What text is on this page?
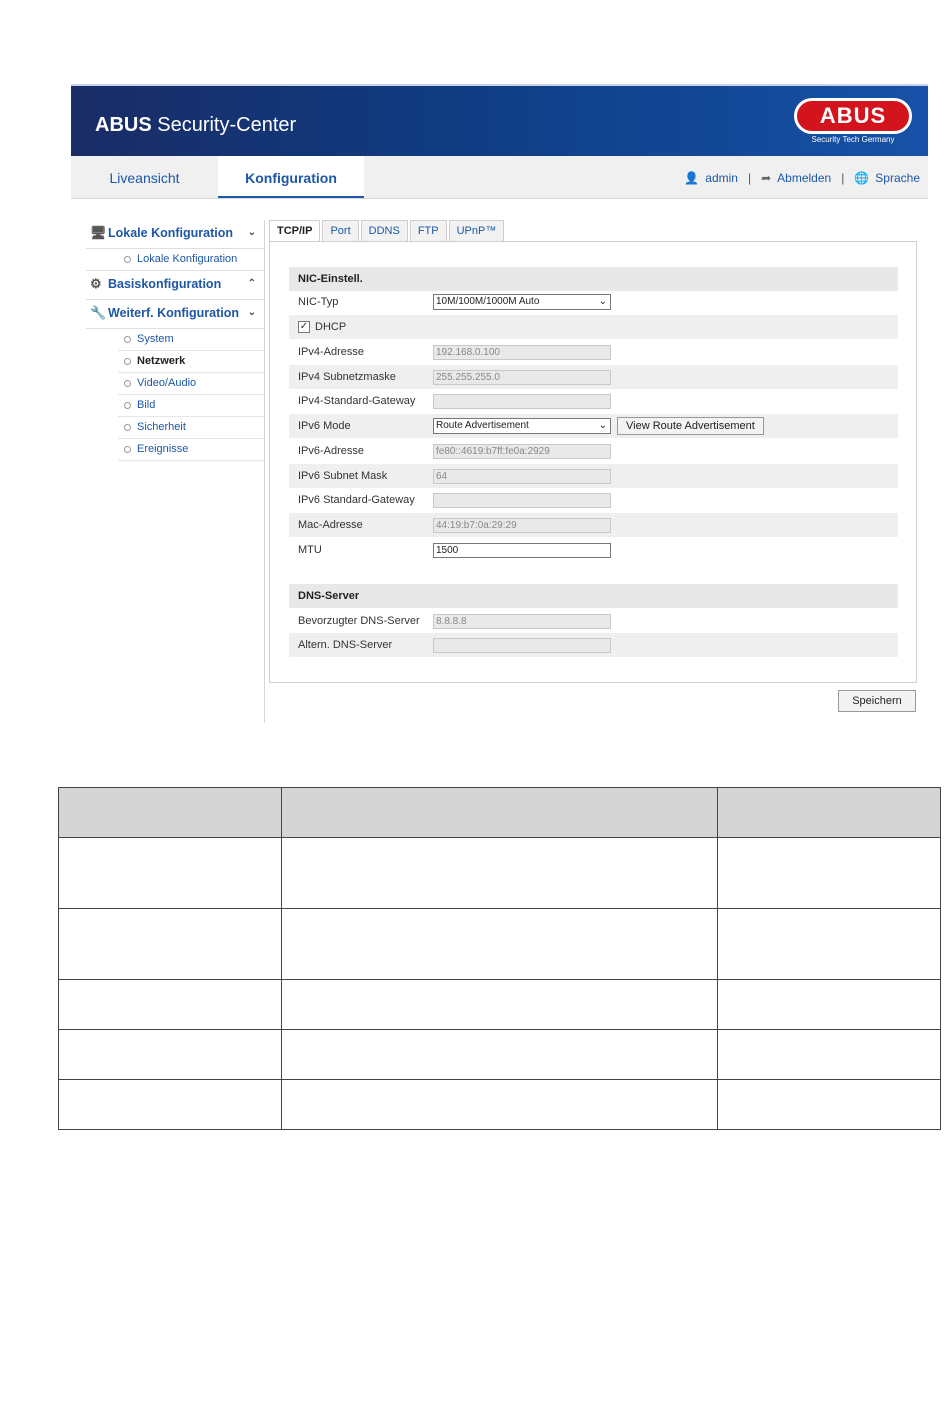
ABUS Security-Center	ABUS
Security Tech Germany
Liveansicht	Konfiguration	👤 admin | ➦ Abmelden | 🌐 Sprache
🖥Lokale Konfiguration ⌄
Lokale Konfiguration
⚙ Basiskonfiguration	⌃
🔧 Weiterf. Konfiguration ⌄
System
Netzwerk
Video/Audio
Bild
Sicherheit
Ereignisse
TCP/IP	Port	DDNS	FTP	UPnP™
NIC-Einstell.
NIC-Typ	10M/100M/1000M Auto	⌄
✓ DHCP
IPv4-Adresse	192.168.0.100
IPv4 Subnetzmaske	255.255.255.0
IPv4-Standard-Gateway
IPv6 Mode	Route Advertisement	⌄	View Route Advertisement
IPv6-Adresse	fe80::4619:b7ff:fe0a:2929
IPv6 Subnet Mask	64
IPv6 Standard-Gateway
Mac-Adresse	44:19:b7:0a:29:29
MTU	1500
DNS-Server
Bevorzugter DNS-Server	8.8.8.8
Altern. DNS-Server
Speichern
